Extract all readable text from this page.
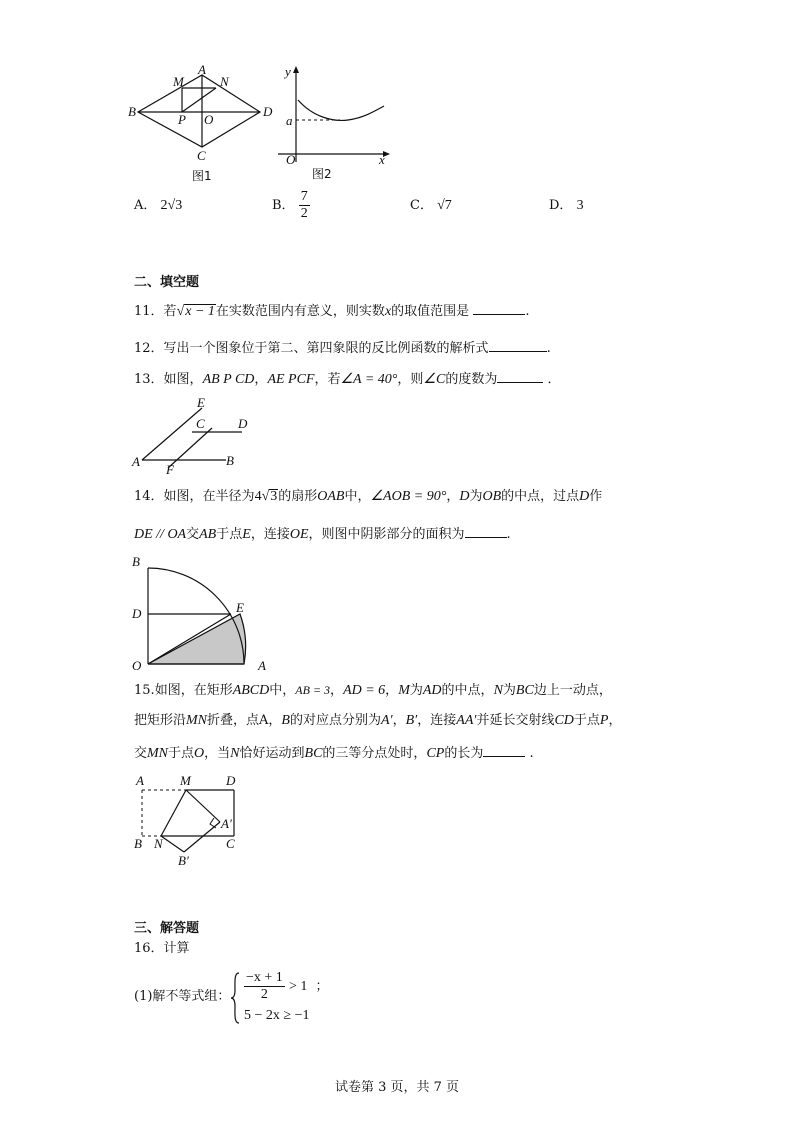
A
M	N
B
P O
D
C
图1
y
a
O	x
图2
A． 2√3	B． $\frac{7}{2}$	C． √7	D． 3
二、填空题
11．若√x − 1在实数范围内有意义，则实数x的取值范围是	.
12．写出一个图象位于第二、第四象限的反比例函数的解析式	.
13．如图，AB P CD，AE PCF，若∠A = 40°，则∠C的度数为	．
E
C	D
A
F
B
14．如图，在半径为4√3的扇形OAB中，∠AOB = 90°，D为OB的中点，过点D作
DE // OA交AB于点E，连接OE，则图中阴影部分的面积为	.
B
D	E
O	A
15.如图，在矩形ABCD中，AB = 3，AD = 6，M为AD的中点，N为BC边上一动点，
把矩形沿MN折叠，点A，B的对应点分别为A′，B′，连接AA′并延长交射线CD于点P，
交MN于点O，当N恰好运动到BC的三等分点处时，CP的长为	.
A	M	D
A′
B N	C
B′
三、解答题
16．计算
(1)解不等式组： $\frac{-x + 1}{2} > 1$ ；
5 − 2x ≥ −1
试卷第 3 页，共 7 页
